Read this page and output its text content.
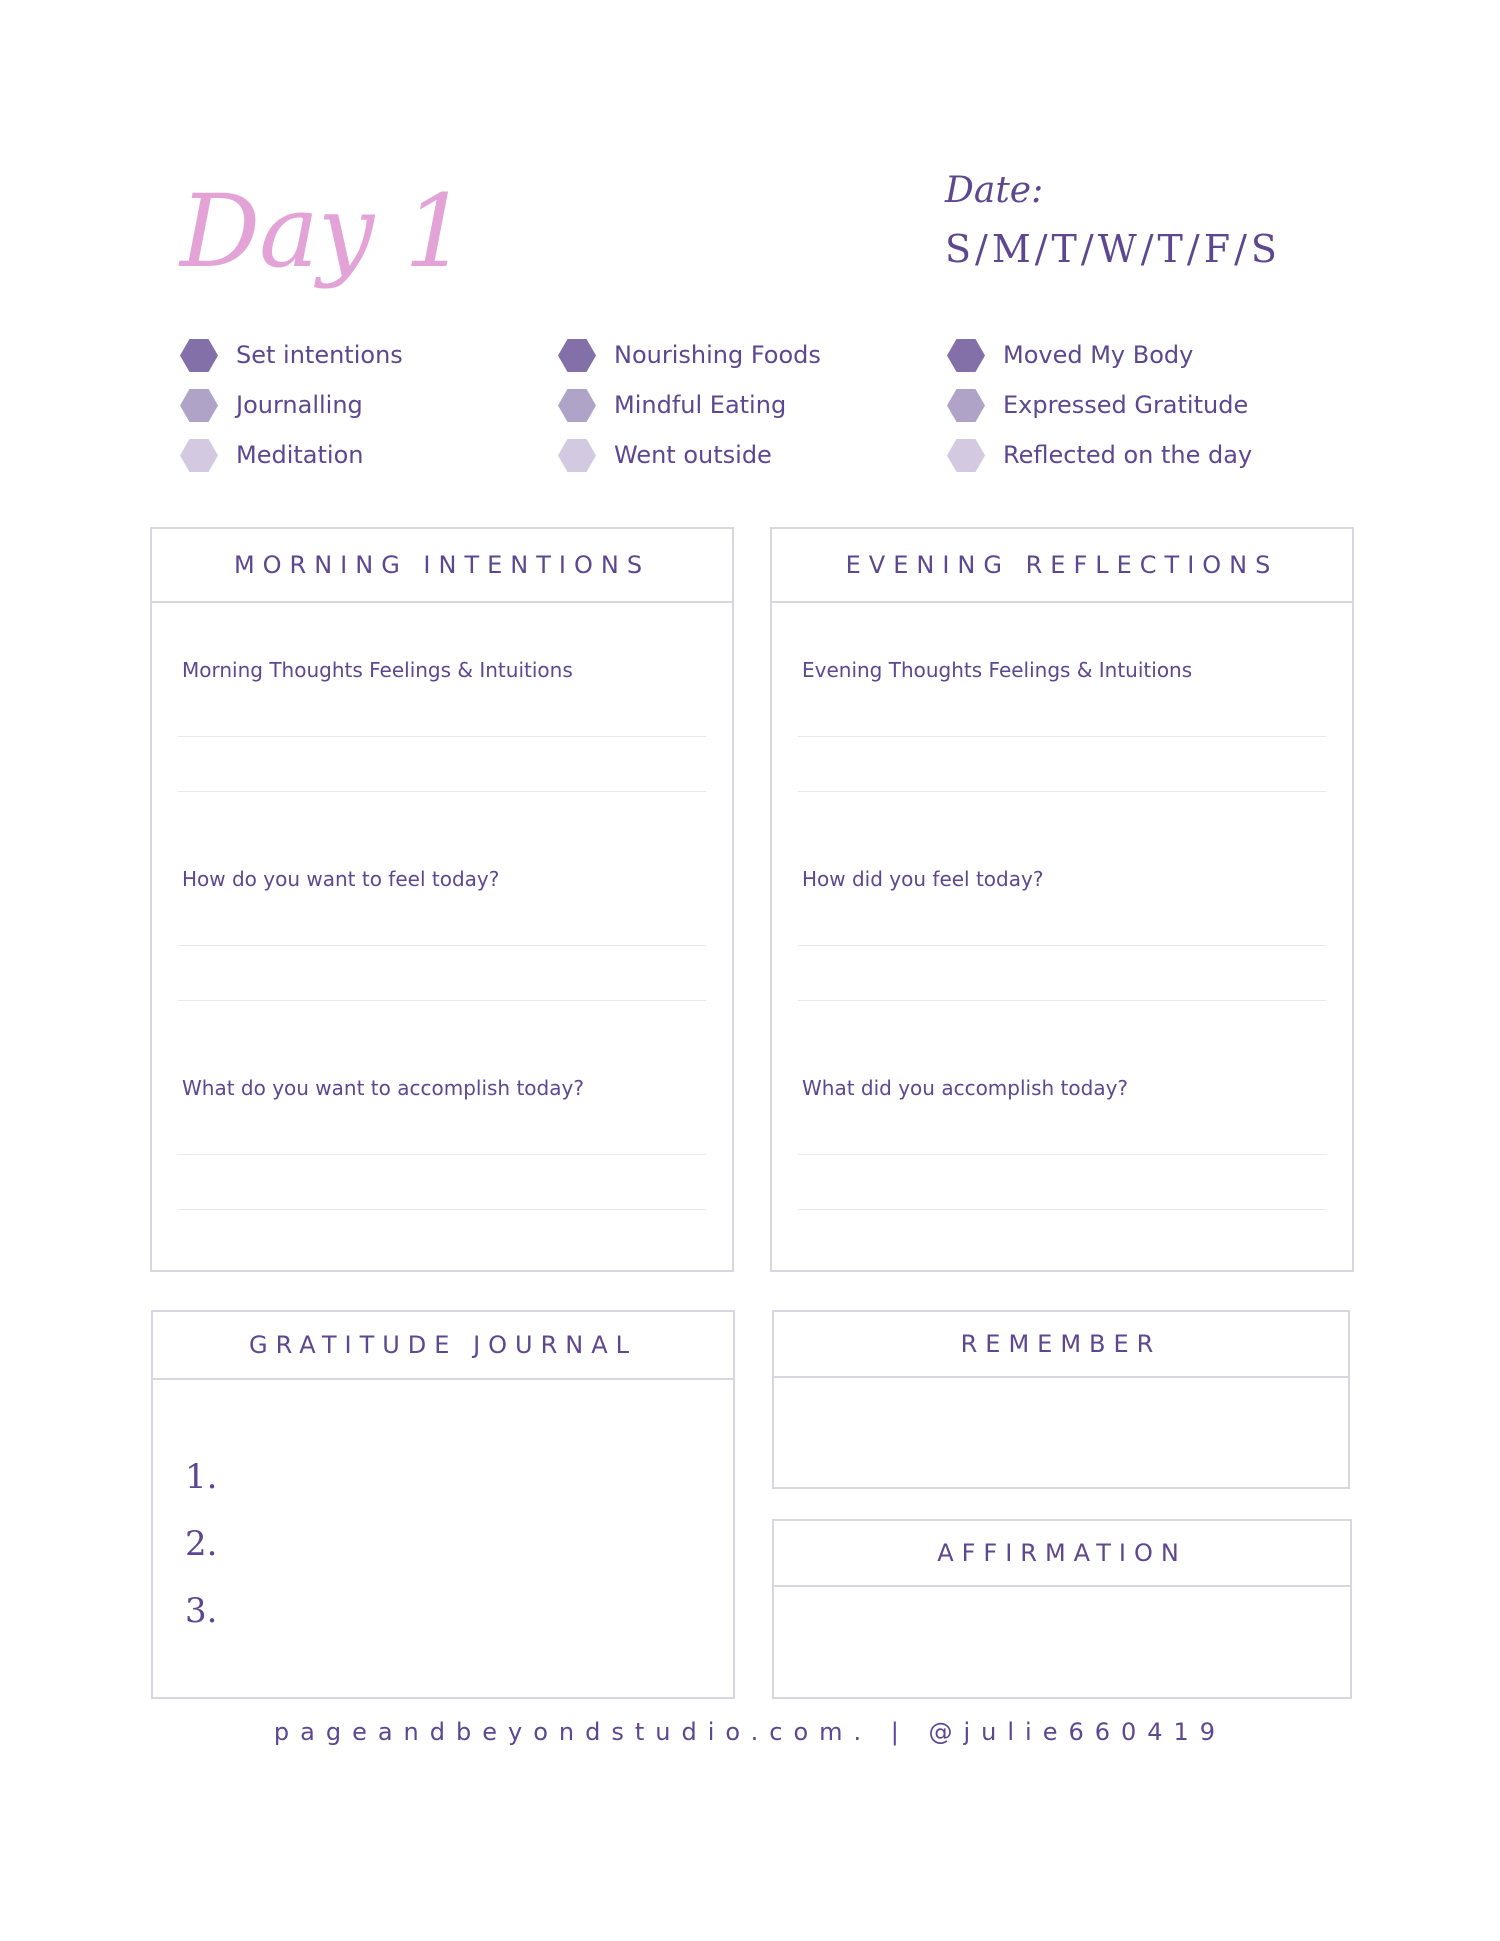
Day 1	Date:
S/M/T/W/T/F/S
Set intentions
Journalling
Meditation
Nourishing Foods
Mindful Eating
Went outside
Moved My Body
Expressed Gratitude
Reflected on the day
MORNING INTENTIONS
Morning Thoughts Feelings & Intuitions
How do you want to feel today?
What do you want to accomplish today?
EVENING REFLECTIONS
Evening Thoughts Feelings & Intuitions
How did you feel today?
What did you accomplish today?
GRATITUDE JOURNAL
1.
2.
3.
REMEMBER
AFFIRMATION
pageandbeyondstudio.com. | @julie660419
